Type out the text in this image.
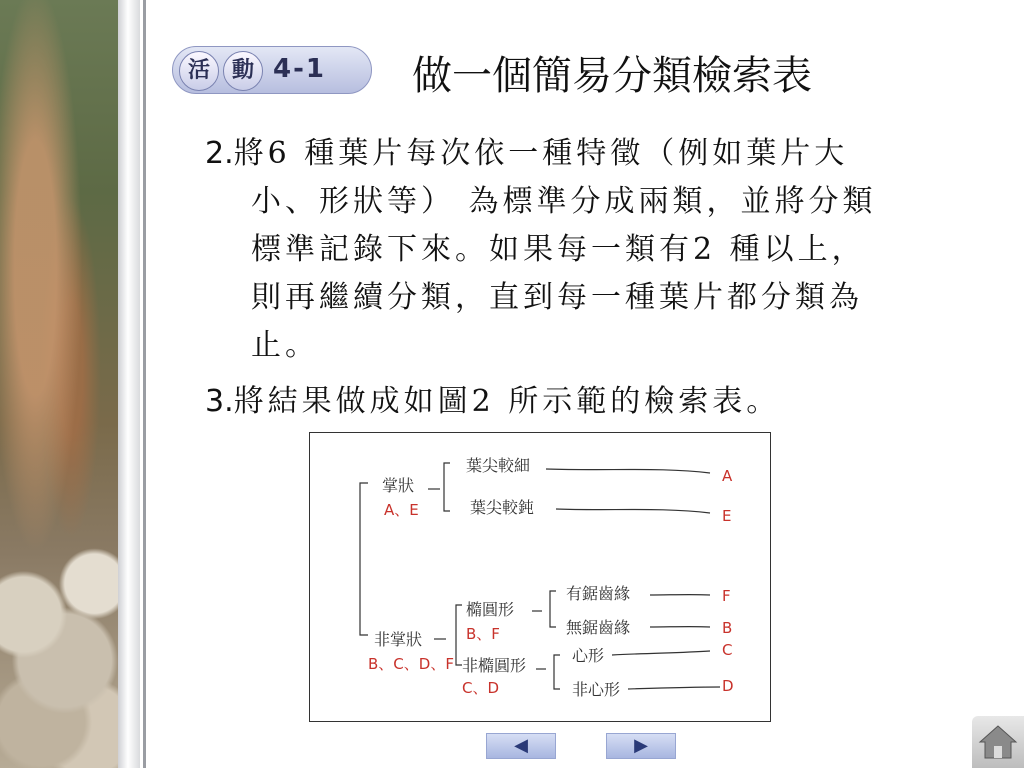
活 動 4-1 做一個簡易分類檢索表
2.將6 種葉片每次依一種特徵（例如葉片大
小、形狀等） 為標準分成兩類，並將分類
標準記錄下來。如果每一類有2 種以上，
則再繼續分類，直到每一種葉片都分類為
止。
3.將結果做成如圖2 所示範的檢索表。
掌狀
A、E
葉尖較細
A
葉尖較鈍	E
非掌狀
B、C、D、F
橢圓形
B、F
有鋸齒緣	F
無鋸齒緣	B
非橢圓形
C、D
心形	C
非心形	D
◀	▶
